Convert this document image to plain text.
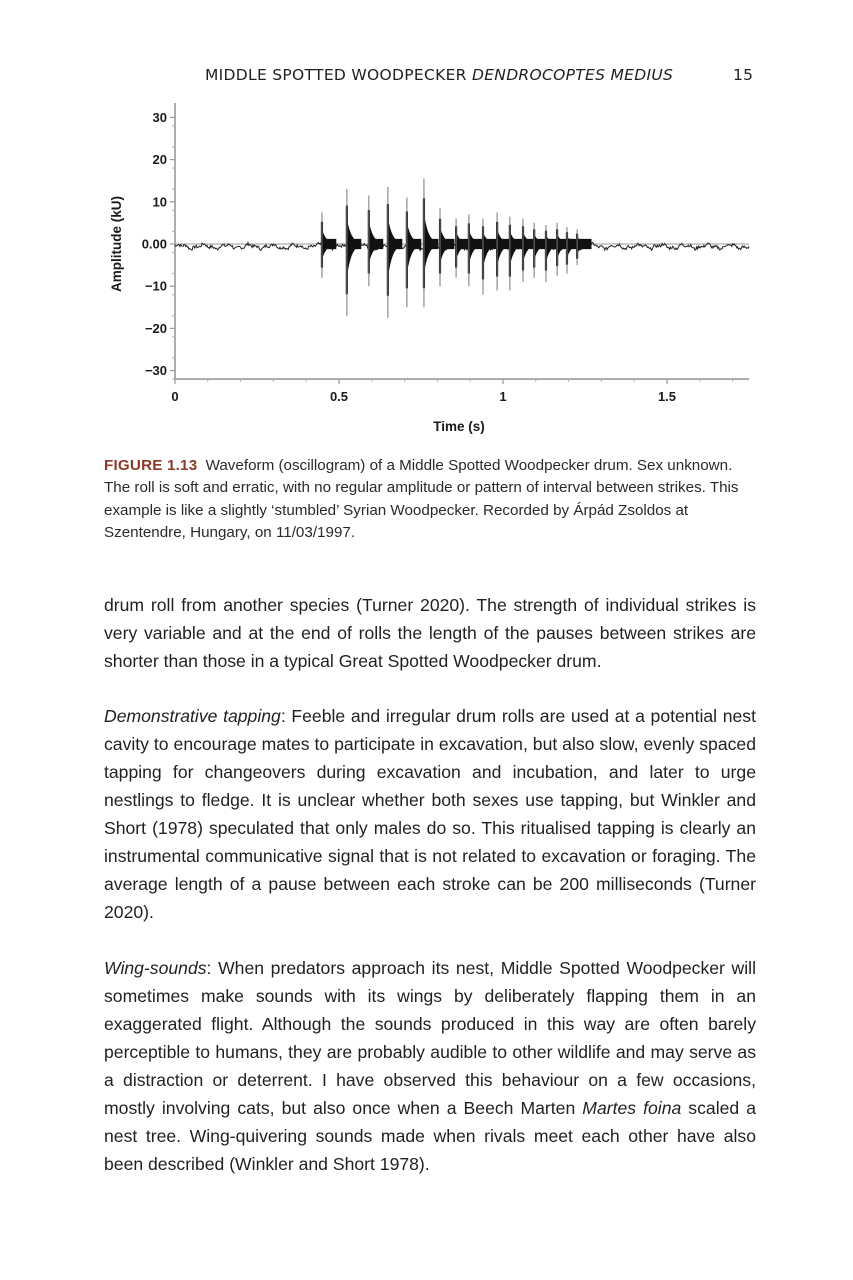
MIDDLE SPOTTED WOODPECKER DENDROCOPTES MEDIUS	15
30
20
10
0.00
−10
−20
−30
0	0.5	1	1.5
Time (s)
Amplitude (kU)
FIGURE 1.13 Waveform (oscillogram) of a Middle Spotted Woodpecker drum. Sex unknown. The roll is soft and erratic, with no regular amplitude or pattern of interval between strikes. This example is like a slightly ‘stumbled’ Syrian Woodpecker. Recorded by Árpád Zsoldos at Szentendre, Hungary, on 11/03/1997.

drum roll from another species (Turner 2020). The strength of individual strikes is very variable and at the end of rolls the length of the pauses between strikes are shorter than those in a typical Great Spotted Woodpecker drum.

Demonstrative tapping: Feeble and irregular drum rolls are used at a potential nest cavity to encourage mates to participate in excavation, but also slow, evenly spaced tapping for changeovers during excavation and incubation, and later to urge nestlings to fledge. It is unclear whether both sexes use tapping, but Winkler and Short (1978) speculated that only males do so. This ritualised tapping is clearly an instrumental communicative signal that is not related to excavation or foraging. The average length of a pause between each stroke can be 200 milliseconds (Turner 2020).

Wing-sounds: When predators approach its nest, Middle Spotted Woodpecker will sometimes make sounds with its wings by deliberately flapping them in an exaggerated flight. Although the sounds produced in this way are often barely perceptible to humans, they are probably audible to other wildlife and may serve as a distraction or deterrent. I have observed this behaviour on a few occasions, mostly involving cats, but also once when a Beech Marten Martes foina scaled a nest tree. Wing-quivering sounds made when rivals meet each other have also been described (Winkler and Short 1978).
